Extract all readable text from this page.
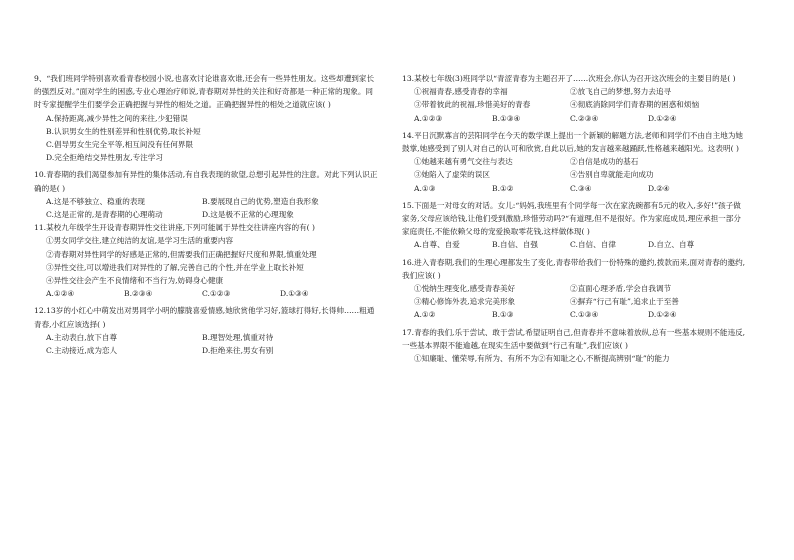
9、“我们班同学特别喜欢看青春校园小说,也喜欢讨论谁喜欢谁,还会有一些异性朋友。这些却遭到家长的强烈反对。”面对学生的困惑,专业心理治疗师说,青春期对异性的关注和好奇都是一种正常的现象。同时专家提醒学生们要学会正确把握与异性的相处之道。正确把握异性的相处之道就应该( )
A.保持距离,减少异性之间的来往,少犯错误
B.认识男女生的性别差异和性别优势,取长补短
C.倡导男女生完全平等,相互间没有任何界限
D.完全拒绝结交异性朋友,专注学习
10.青春期的我们渴望参加有异性的集体活动,有自我表现的欲望,总想引起异性的注意。对此下列认识正确的是( )
A.这是不够独立、稳重的表现	B.要展现自己的优势,塑造自我形象
C.这是正常的,是青春期的心理萌动	D.这是极不正常的心理现象
11.某校九年级学生开设青春期异性交往讲座,下列可能属于异性交往讲座内容的有( )
①男女同学交往,建立纯洁的友谊,是学习生活的重要内容
②青春期对异性同学的好感是正常的,但需要我们正确把握好尺度和界限,慎重处理
③异性交往,可以增进我们对异性的了解,完善自己的个性,并在学业上取长补短
④异性交往会产生不良情绪和不当行为,妨碍身心健康
A.①②④	B.②③④	C.①②③	D.①③④
12.13岁的小红心中萌发出对男同学小明的朦胧喜爱情感,她欣赏他学习好,篮球打得好,长得帅……粗通青春,小红应该选择( )
A.主动表白,放下自尊	B.理智处理,慎重对待
C.主动接近,成为恋人	D.拒绝来往,男女有别
13.某校七年级(3)班同学以“青涩青春为主题召开了……次班会,你认为召开这次班会的主要目的是( )
①祝福青春,感受青春的幸福	②放飞自己的梦想,努力去追寻
③带着彼此的祝福,珍惜美好的青春	④彻底消除同学们青春期的困惑和烦恼
A.①②③	B.①③④	C.②③④	D.①②④
14.平日沉默寡言的芸阳同学在今天的数学课上提出一个新颖的解题方法,老师和同学们不由自主地为她鼓掌,她感受到了别人对自己的认可和欣赏,自此以后,她的发言越来越踊跃,性格越来越阳光。这表明( )
①她越来越有勇气交往与表达	②自信是成功的基石
③她陷入了虚荣的误区	④告别自卑就能走向成功
A.①③	B.①②	C.③④	D.②④
15.下面是一对母女的对话。女儿:“妈妈,我班里有个同学每一次在家洗碗都有5元的收入,多好!”孩子做家务,父母应该给钱,让他们受到激励,珍惜劳动吗?“有道理,但不是很好。作为家庭成员,理应承担一部分家庭责任,不能依赖父母的宠爱换取零花钱,这样做体现( )
A.自尊、自爱	B.自信、自强	C.自信、自律	D.自立、自尊
16.进入青春期,我们的生理心理都发生了变化,青春带给我们一份特殊的邀约,拨款而来,面对青春的邀约,我们应该( )
①悦纳生理变化,感受青春美好	②直面心理矛盾,学会自我调节
③精心修饰外表,追求完美形象	④摒弃“行己有耻”,追求止于至善
A.①②	B.①③	C.①③④	D.①②④
17.青春的我们,乐于尝试、敢于尝试,希望证明自己,但青春并不意味着放纵,总有一些基本规则不能违反,一些基本界限不能逾越,在现实生活中要做到“行己有耻”,我们应该( )
①知廉耻、懂荣辱,有所为、有所不为②有知耻之心,不断提高辨别“耻”的能力
